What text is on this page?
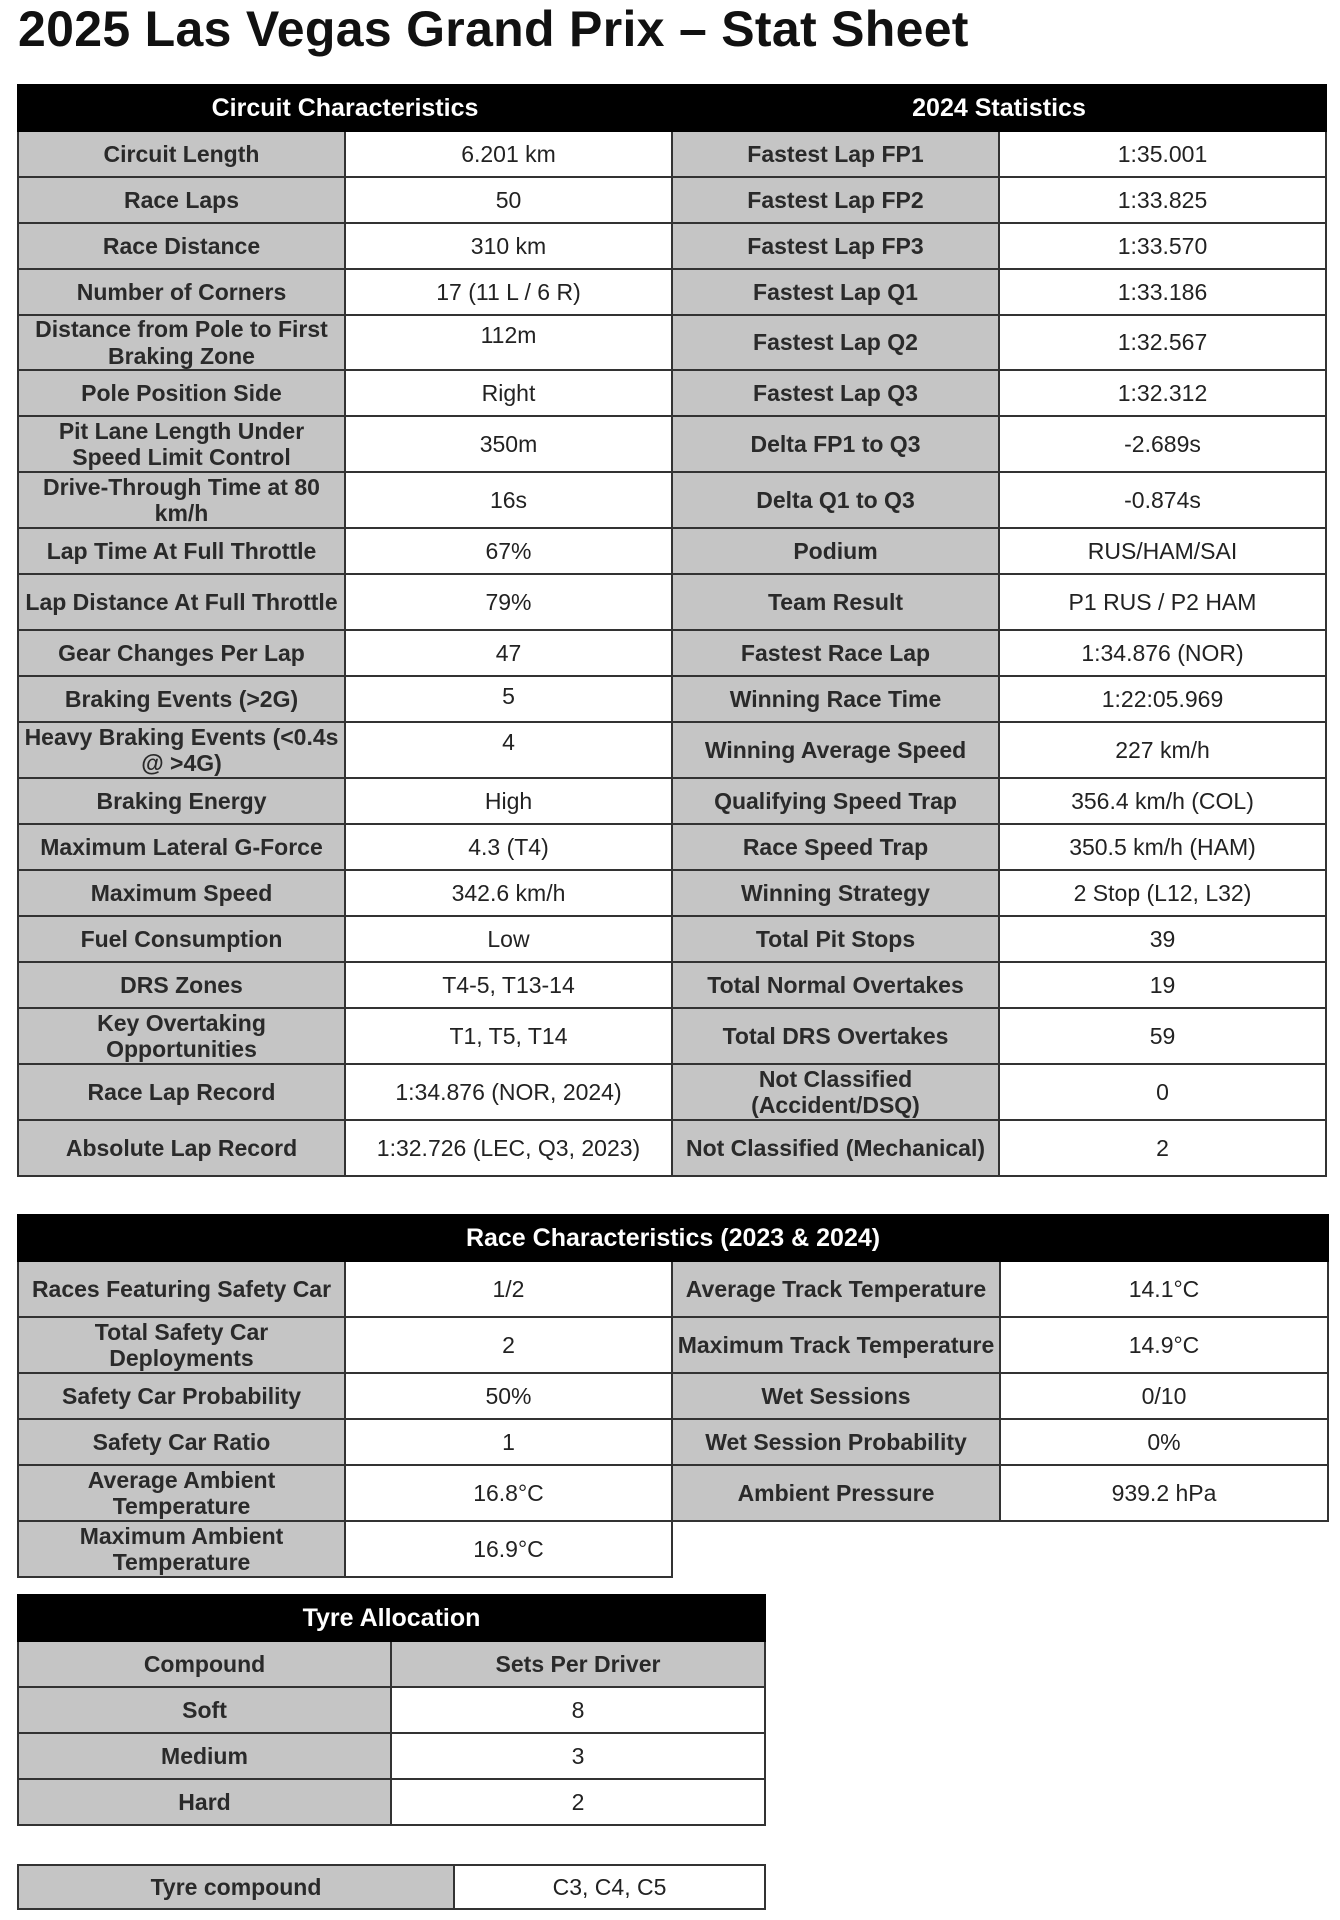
2025 Las Vegas Grand Prix – Stat Sheet
Circuit Characteristics		2024 Statistics	
Circuit Length	6.201 km	Fastest Lap FP1	1:35.001
Race Laps	50	Fastest Lap FP2	1:33.825
Race Distance	310 km	Fastest Lap FP3	1:33.570
Number of Corners	17 (11 L / 6 R)	Fastest Lap Q1	1:33.186
Distance from Pole to First Braking Zone	112m	Fastest Lap Q2	1:32.567
Pole Position Side	Right	Fastest Lap Q3	1:32.312
Pit Lane Length Under Speed Limit Control	350m	Delta FP1 to Q3	-2.689s
Drive-Through Time at 80 km/h	16s	Delta Q1 to Q3	-0.874s
Lap Time At Full Throttle	67%	Podium	RUS/HAM/SAI
Lap Distance At Full Throttle	79%	Team Result	P1 RUS / P2 HAM
Gear Changes Per Lap	47	Fastest Race Lap	1:34.876 (NOR)
Braking Events (>2G)	5	Winning Race Time	1:22:05.969
Heavy Braking Events (<0.4s @ >4G)	4	Winning Average Speed	227 km/h
Braking Energy	High	Qualifying Speed Trap	356.4 km/h (COL)
Maximum Lateral G-Force	4.3 (T4)	Race Speed Trap	350.5 km/h (HAM)
Maximum Speed	342.6 km/h	Winning Strategy	2 Stop (L12, L32)
Fuel Consumption	Low	Total Pit Stops	39
DRS Zones	T4-5, T13-14	Total Normal Overtakes	19
Key Overtaking Opportunities	T1, T5, T14	Total DRS Overtakes	59
Race Lap Record	1:34.876 (NOR, 2024)	Not Classified (Accident/DSQ)	0
Absolute Lap Record	1:32.726 (LEC, Q3, 2023)	Not Classified (Mechanical)	2
Race Characteristics (2023 & 2024)			
Races Featuring Safety Car	1/2	Average Track Temperature	14.1°C
Total Safety Car Deployments	2	Maximum Track Temperature	14.9°C
Safety Car Probability	50%	Wet Sessions	0/10
Safety Car Ratio	1	Wet Session Probability	0%
Average Ambient Temperature	16.8°C	Ambient Pressure	939.2 hPa
Maximum Ambient Temperature	16.9°C		
Tyre Allocation	
Compound	Sets Per Driver
Soft	8
Medium	3
Hard	2
Tyre compound	C3, C4, C5
